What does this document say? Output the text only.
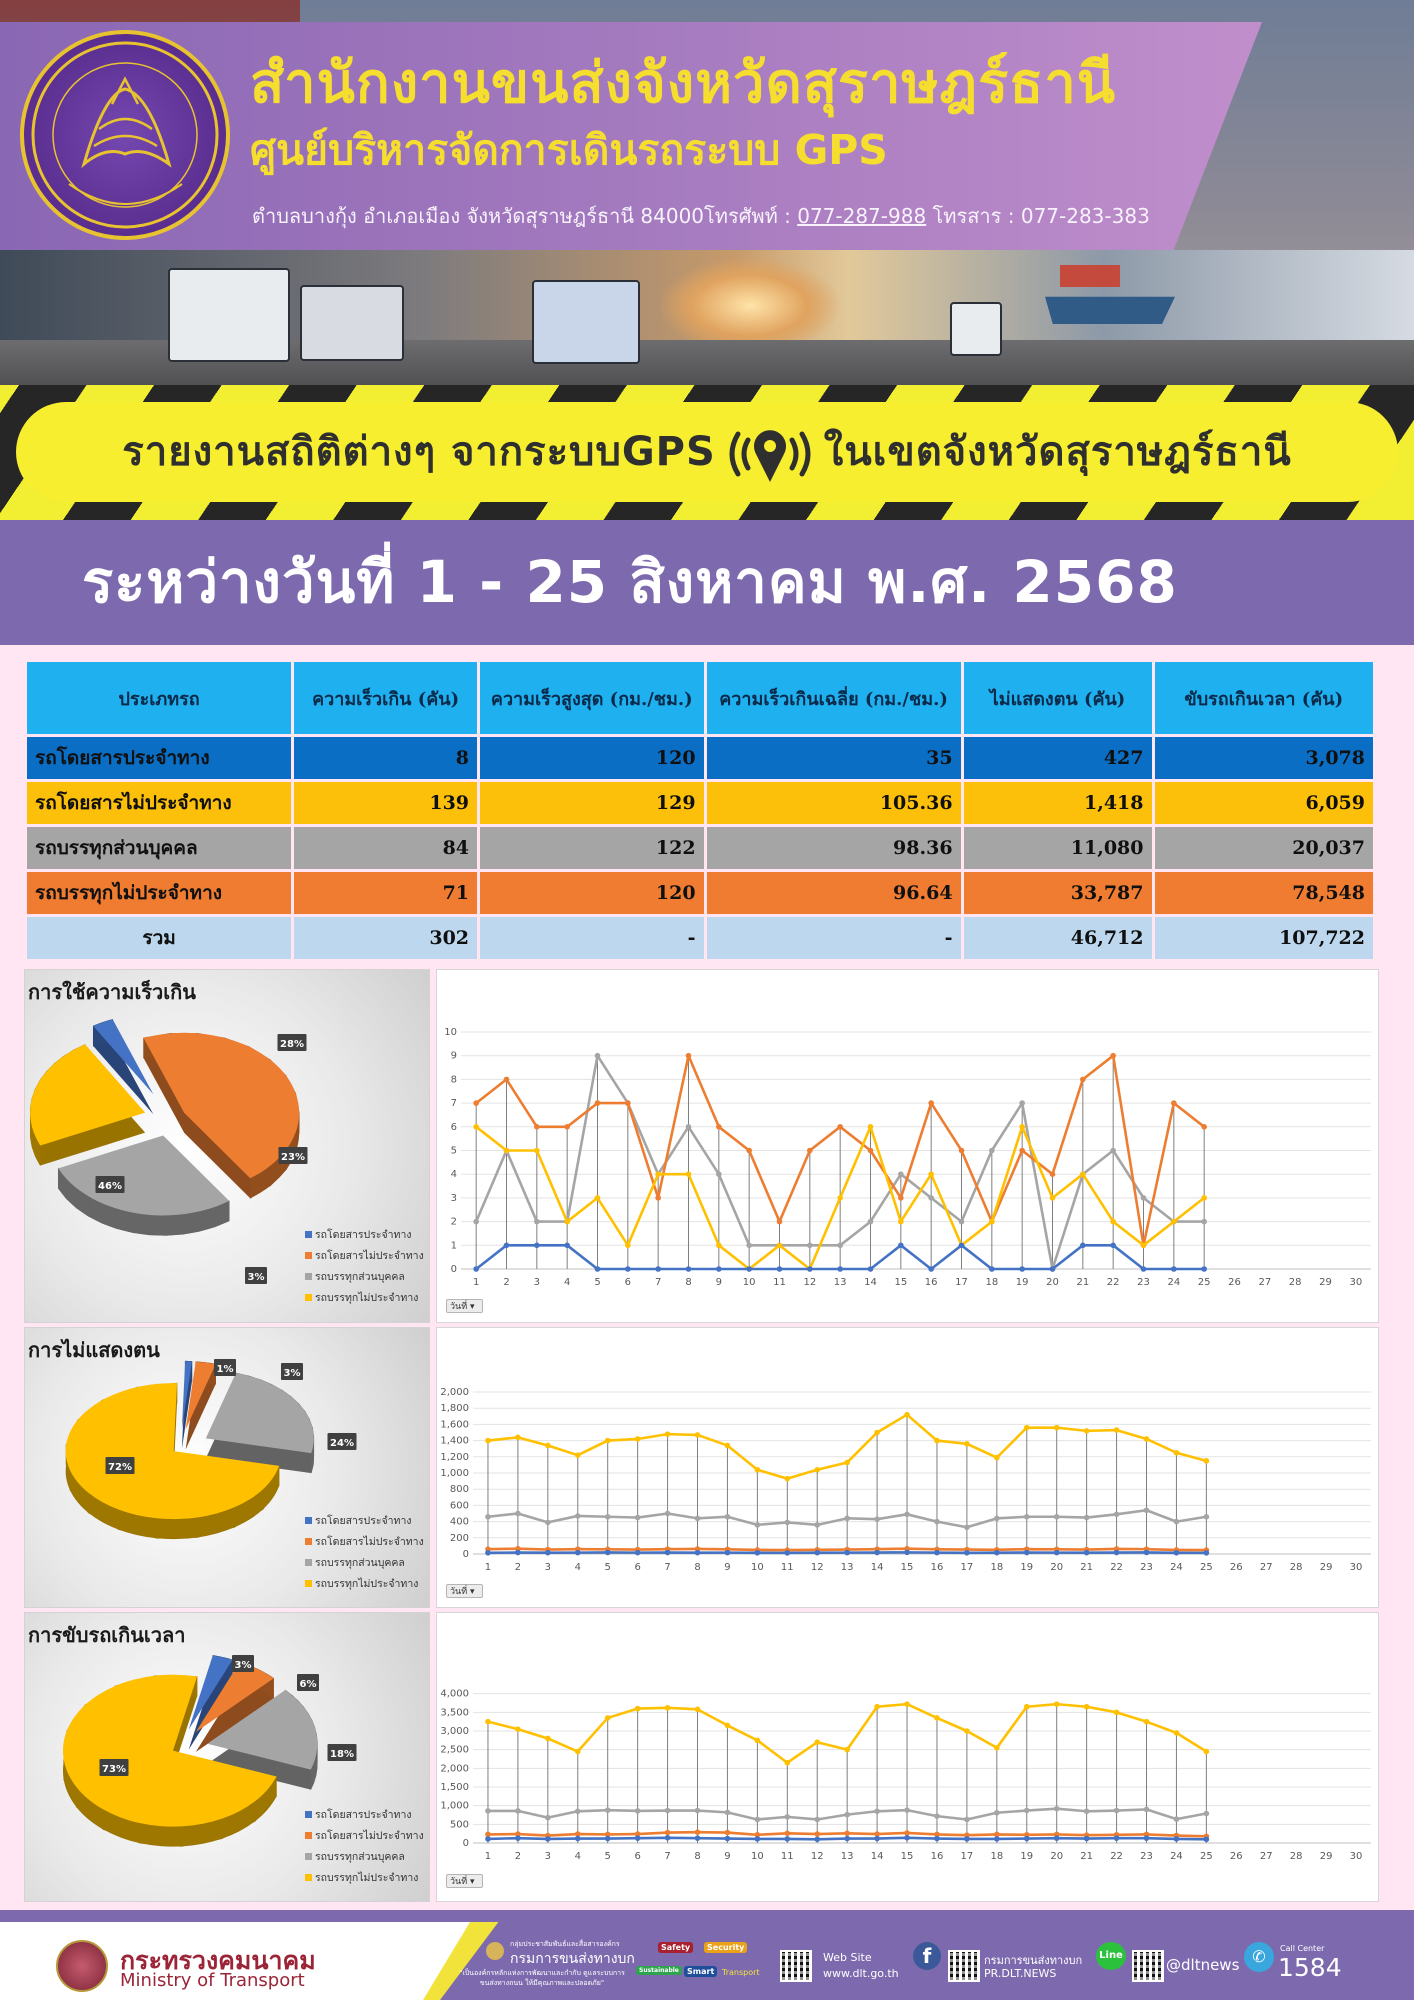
สำนักงานขนส่งจังหวัดสุราษฎร์ธานี
ศูนย์บริหารจัดการเดินรถระบบ GPS
ตำบลบางกุ้ง อำเภอเมือง จังหวัดสุราษฎร์ธานี 84000โทรศัพท์ : 077-287-988 โทรสาร : 077-283-383
รายงานสถิติต่างๆ จากระบบGPS	ในเขตจังหวัดสุราษฎร์ธานี
ระหว่างวันที่ 1 - 25 สิงหาคม พ.ศ. 2568
ประเภทรถ	ความเร็วเกิน (คัน)	ความเร็วสูงสุด (กม./ชม.)	ความเร็วเกินเฉลี่ย (กม./ชม.)	ไม่แสดงตน (คัน)	ขับรถเกินเวลา (คัน)
รถโดยสารประจำทาง	8	120	35	427	3,078
รถโดยสารไม่ประจำทาง	139	129	105.36	1,418	6,059
รถบรรทุกส่วนบุคคล	84	122	98.36	11,080	20,037
รถบรรทุกไม่ประจำทาง	71	120	96.64	33,787	78,548
รวม	302	-	-	46,712	107,722
การใช้ความเร็วเกิน
3%
46%
28%
23%
รถโดยสารประจำทาง
รถโดยสารไม่ประจำทาง
รถบรรทุกส่วนบุคคล
รถบรรทุกไม่ประจำทาง
0
1
2
3
4
5
6
7
8
9
10
1 2 3 4 5 6 7 8 9 10 11 12 13 14 15 16 17 18 19 20 21 22 23 24 25 26 27 28 29 30
วันที่ ▾
การไม่แสดงตน
1%	3%
24%
72%
รถโดยสารประจำทาง
รถโดยสารไม่ประจำทาง
รถบรรทุกส่วนบุคคล
รถบรรทุกไม่ประจำทาง
0
200
400
600
800
1,000
1,200
1,400
1,600
1,800
2,000
1 2 3 4 5 6 7 8 9 10 11 12 13 14 15 16 17 18 19 20 21 22 23 24 25 26 27 28 29 30
วันที่ ▾
การขับรถเกินเวลา
3%
6%
18%
73%
รถโดยสารประจำทาง
รถโดยสารไม่ประจำทาง
รถบรรทุกส่วนบุคคล
รถบรรทุกไม่ประจำทาง
0
500
1,000
1,500
2,000
2,500
3,000
3,500
4,000
1 2 3 4 5 6 7 8 9 10 11 12 13 14 15 16 17 18 19 20 21 22 23 24 25 26 27 28 29 30
วันที่ ▾
กระทรวงคมนาคม
Ministry of Transport
กลุ่มประชาสัมพันธ์และสื่อสารองค์กร
กรมการขนส่งทางบก
"เป็นองค์กรหลักแห่งการพัฒนาและกำกับ ดูแลระบบการขนส่งทางถนน ให้มีคุณภาพและปลอดภัย"
Safety	Security
Sustainable	Smart Transport
Web Site
www.dlt.go.th
f	กรมการขนส่งทางบก
PR.DLT.NEWS
Line
@dltnews ✆	Call Center
1584
